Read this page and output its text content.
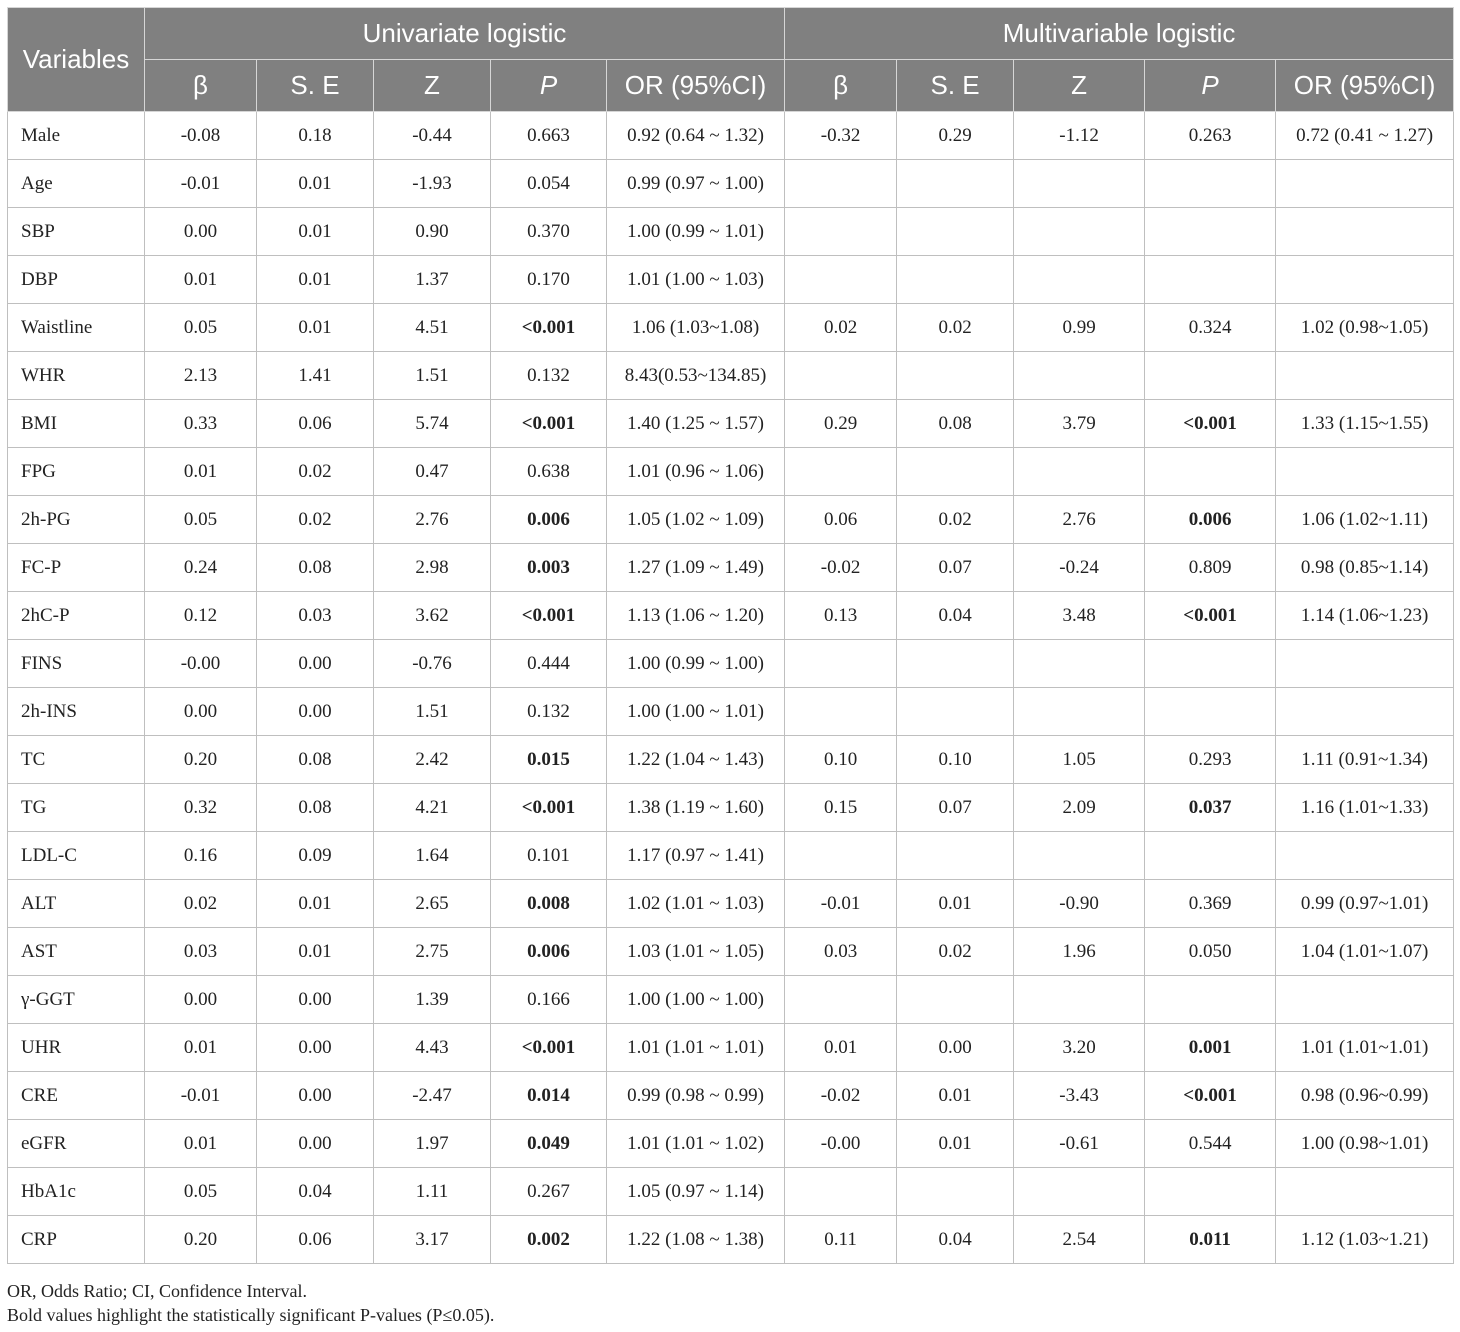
Variables	Univariate logistic					Multivariable logistic				
	β	S. E	Z	P	OR (95%CI)	β	S. E	Z	P	OR (95%CI)
Male	-0.08	0.18	-0.44	0.663	0.92 (0.64 ~ 1.32)	-0.32	0.29	-1.12	0.263	0.72 (0.41 ~ 1.27)
Age	-0.01	0.01	-1.93	0.054	0.99 (0.97 ~ 1.00)					
SBP	0.00	0.01	0.90	0.370	1.00 (0.99 ~ 1.01)					
DBP	0.01	0.01	1.37	0.170	1.01 (1.00 ~ 1.03)					
Waistline	0.05	0.01	4.51	<0.001	1.06 (1.03~1.08)	0.02	0.02	0.99	0.324	1.02 (0.98~1.05)
WHR	2.13	1.41	1.51	0.132	8.43(0.53~134.85)					
BMI	0.33	0.06	5.74	<0.001	1.40 (1.25 ~ 1.57)	0.29	0.08	3.79	<0.001	1.33 (1.15~1.55)
FPG	0.01	0.02	0.47	0.638	1.01 (0.96 ~ 1.06)					
2h-PG	0.05	0.02	2.76	0.006	1.05 (1.02 ~ 1.09)	0.06	0.02	2.76	0.006	1.06 (1.02~1.11)
FC-P	0.24	0.08	2.98	0.003	1.27 (1.09 ~ 1.49)	-0.02	0.07	-0.24	0.809	0.98 (0.85~1.14)
2hC-P	0.12	0.03	3.62	<0.001	1.13 (1.06 ~ 1.20)	0.13	0.04	3.48	<0.001	1.14 (1.06~1.23)
FINS	-0.00	0.00	-0.76	0.444	1.00 (0.99 ~ 1.00)					
2h-INS	0.00	0.00	1.51	0.132	1.00 (1.00 ~ 1.01)					
TC	0.20	0.08	2.42	0.015	1.22 (1.04 ~ 1.43)	0.10	0.10	1.05	0.293	1.11 (0.91~1.34)
TG	0.32	0.08	4.21	<0.001	1.38 (1.19 ~ 1.60)	0.15	0.07	2.09	0.037	1.16 (1.01~1.33)
LDL-C	0.16	0.09	1.64	0.101	1.17 (0.97 ~ 1.41)					
ALT	0.02	0.01	2.65	0.008	1.02 (1.01 ~ 1.03)	-0.01	0.01	-0.90	0.369	0.99 (0.97~1.01)
AST	0.03	0.01	2.75	0.006	1.03 (1.01 ~ 1.05)	0.03	0.02	1.96	0.050	1.04 (1.01~1.07)
γ-GGT	0.00	0.00	1.39	0.166	1.00 (1.00 ~ 1.00)					
UHR	0.01	0.00	4.43	<0.001	1.01 (1.01 ~ 1.01)	0.01	0.00	3.20	0.001	1.01 (1.01~1.01)
CRE	-0.01	0.00	-2.47	0.014	0.99 (0.98 ~ 0.99)	-0.02	0.01	-3.43	<0.001	0.98 (0.96~0.99)
eGFR	0.01	0.00	1.97	0.049	1.01 (1.01 ~ 1.02)	-0.00	0.01	-0.61	0.544	1.00 (0.98~1.01)
HbA1c	0.05	0.04	1.11	0.267	1.05 (0.97 ~ 1.14)					
CRP	0.20	0.06	3.17	0.002	1.22 (1.08 ~ 1.38)	0.11	0.04	2.54	0.011	1.12 (1.03~1.21)
OR, Odds Ratio; CI, Confidence Interval.
Bold values highlight the statistically significant P-values (P≤0.05).
